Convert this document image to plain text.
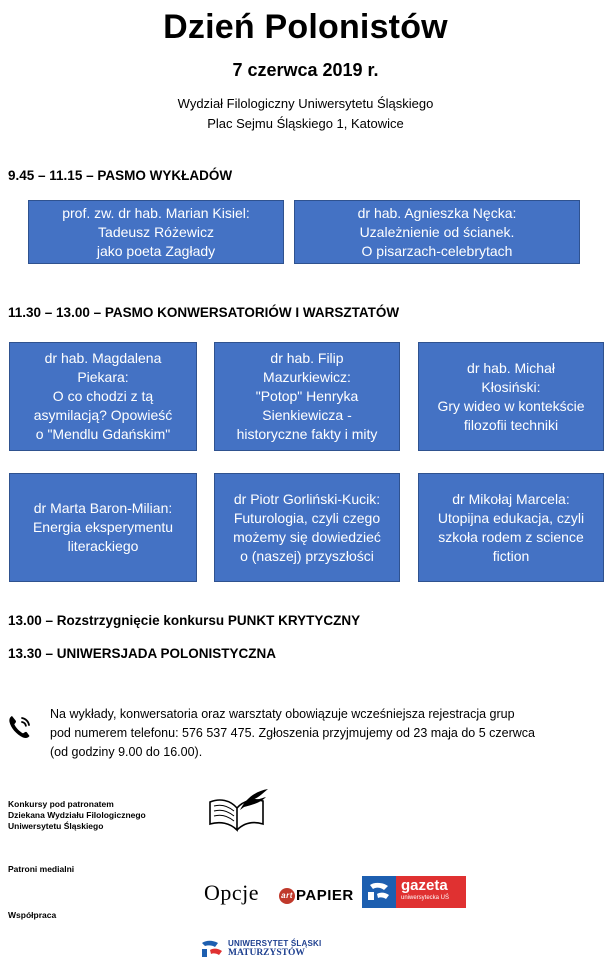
Dzień Polonistów
7 czerwca 2019 r.
Wydział Filologiczny Uniwersytetu Śląskiego
Plac Sejmu Śląskiego 1, Katowice
9.45 – 11.15 – PASMO WYKŁADÓW
prof. zw. dr hab. Marian Kisiel:
Tadeusz Różewicz
jako poeta Zagłady
dr hab. Agnieszka Nęcka:
Uzależnienie od ścianek.
O pisarzach-celebrytach
11.30 – 13.00 – PASMO KONWERSATORIÓW I WARSZTATÓW
dr hab. Magdalena
Piekara:
O co chodzi z tą
asymilacją? Opowieść
o "Mendlu Gdańskim"
dr hab. Filip
Mazurkiewicz:
"Potop" Henryka
Sienkiewicza -
historyczne fakty i mity
dr hab. Michał
Kłosiński:
Gry wideo w kontekście
filozofii techniki
dr Marta Baron-Milian:
Energia eksperymentu
literackiego
dr Piotr Gorliński-Kucik:
Futurologia, czyli czego
możemy się dowiedzieć
o (naszej) przyszłości
dr Mikołaj Marcela:
Utopijna edukacja, czyli
szkoła rodem z science
fiction
13.00 – Rozstrzygnięcie konkursu PUNKT KRYTYCZNY
13.30 – UNIWERSJADA POLONISTYCZNA
Na wykłady, konwersatoria oraz warsztaty obowiązuje wcześniejsza rejestracja grup
pod numerem telefonu: 576 537 475. Zgłoszenia przyjmujemy od 23 maja do 5 czerwca
(od godziny 9.00 do 16.00).
Konkursy pod patronatem
Dziekana Wydziału Filologicznego
Uniwersytetu Śląskiego
Patroni medialni
Opcje	art PAPIER
gazeta
uniwersytecka UŚ
Współpraca
UNIWERSYTET ŚLĄSKI
MATURZYSTÓW
